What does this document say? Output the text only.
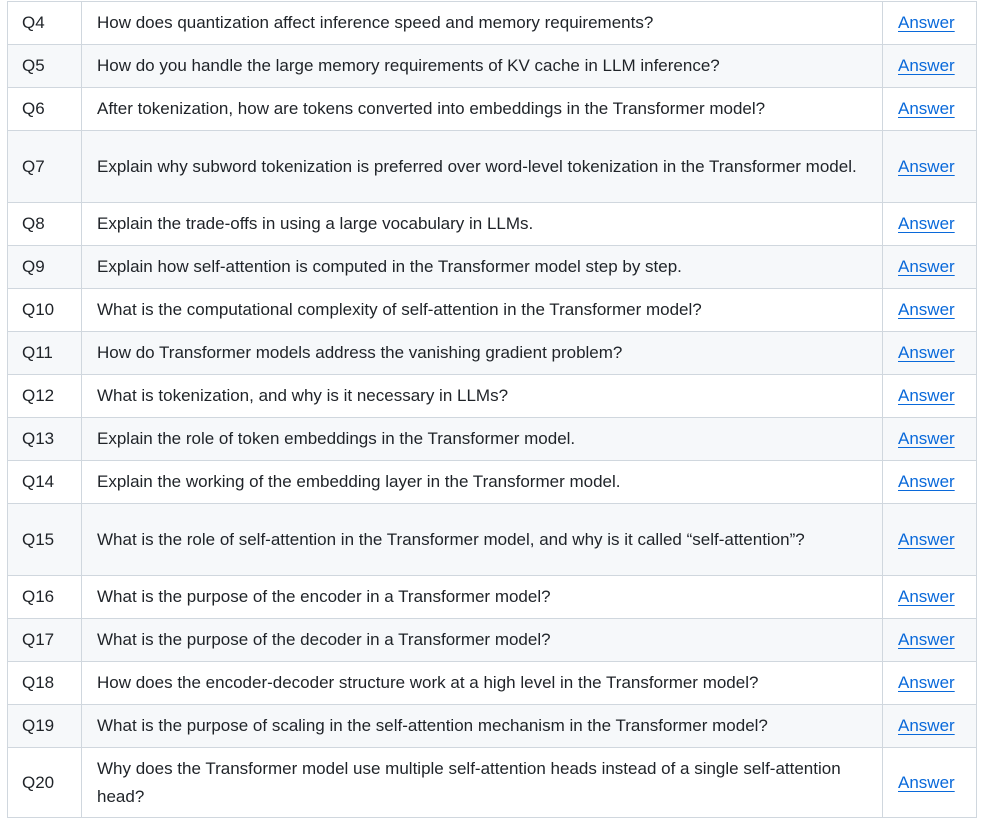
Q4	How does quantization affect inference speed and memory requirements?	Answer
Q5	How do you handle the large memory requirements of KV cache in LLM inference?	Answer
Q6	After tokenization, how are tokens converted into embeddings in the Transformer model?	Answer
Q7	Explain why subword tokenization is preferred over word-level tokenization in the Transformer model.	Answer
Q8	Explain the trade-offs in using a large vocabulary in LLMs.	Answer
Q9	Explain how self-attention is computed in the Transformer model step by step.	Answer
Q10	What is the computational complexity of self-attention in the Transformer model?	Answer
Q11	How do Transformer models address the vanishing gradient problem?	Answer
Q12	What is tokenization, and why is it necessary in LLMs?	Answer
Q13	Explain the role of token embeddings in the Transformer model.	Answer
Q14	Explain the working of the embedding layer in the Transformer model.	Answer
Q15	What is the role of self-attention in the Transformer model, and why is it called “self-attention”?	Answer
Q16	What is the purpose of the encoder in a Transformer model?	Answer
Q17	What is the purpose of the decoder in a Transformer model?	Answer
Q18	How does the encoder-decoder structure work at a high level in the Transformer model?	Answer
Q19	What is the purpose of scaling in the self-attention mechanism in the Transformer model?	Answer
Q20	Why does the Transformer model use multiple self-attention heads instead of a single self-attention head?	Answer
